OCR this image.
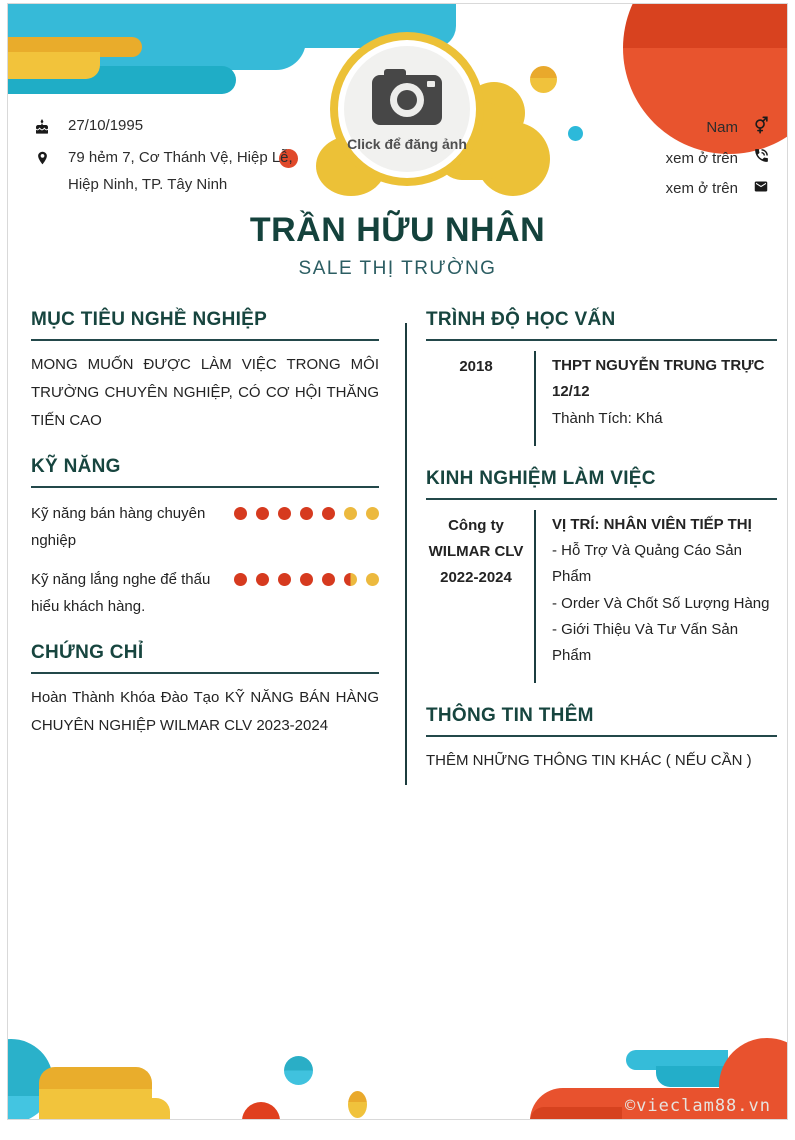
Click để đăng ảnh
27/10/1995
79 hẻm 7, Cơ Thánh Vệ, Hiệp Lễ,
Hiệp Ninh, TP. Tây Ninh
Nam
xem ở trên
xem ở trên
TRẦN HỮU NHÂN
SALE THỊ TRƯỜNG
MỤC TIÊU NGHỀ NGHIỆP
MONG MUỐN ĐƯỢC LÀM VIỆC TRONG MÔI TRƯỜNG CHUYÊN NGHIỆP, CÓ CƠ HỘI THĂNG TIẾN CAO
KỸ NĂNG
Kỹ năng bán hàng chuyên nghiệp
Kỹ năng lắng nghe để thấu hiểu khách hàng.
CHỨNG CHỈ
Hoàn Thành Khóa Đào Tạo KỸ NĂNG BÁN HÀNG CHUYÊN NGHIỆP WILMAR CLV 2023-2024
TRÌNH ĐỘ HỌC VẤN
2018	THPT NGUYỄN TRUNG TRỰC 12/12
Thành Tích: Khá
KINH NGHIỆM LÀM VIỆC
Công ty
WILMAR CLV
2022-2024
VỊ TRÍ: NHÂN VIÊN TIẾP THỊ
- Hỗ Trợ Và Quảng Cáo Sản Phẩm
- Order Và Chốt Số Lượng Hàng
- Giới Thiệu Và Tư Vấn Sản Phẩm
THÔNG TIN THÊM
THÊM NHỮNG THÔNG TIN KHÁC ( NẾU CẦN )
©vieclam88.vn
